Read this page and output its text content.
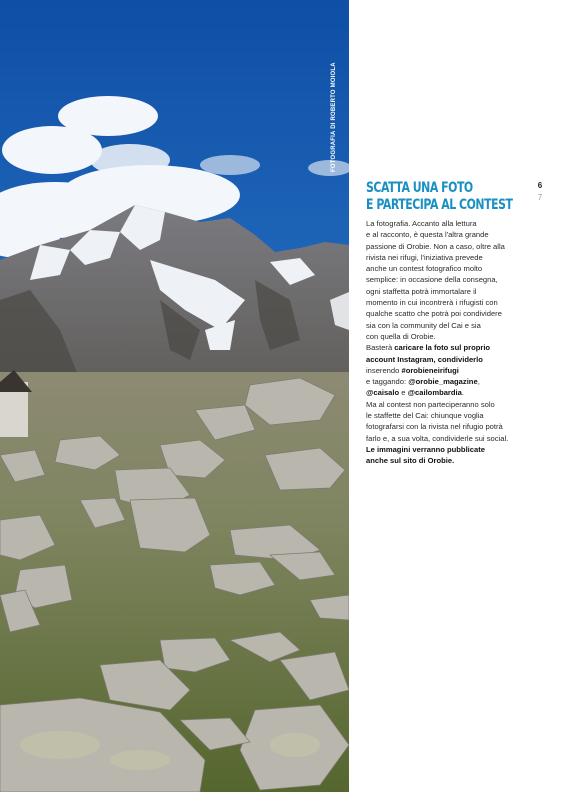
FOTOGRAFIA DI ROBERTO MOIOLA
SCATTA UNA FOTO
E PARTECIPA AL CONTEST
6
7
La fotografia. Accanto alla lettura
e al racconto, è questa l'altra grande
passione di Orobie. Non a caso, oltre alla
rivista nei rifugi, l'iniziativa prevede
anche un contest fotografico molto
semplice: in occasione della consegna,
ogni staffetta potrà immortalare il
momento in cui incontrerà i rifugisti con
qualche scatto che potrà poi condividere
sia con la community del Cai e sia
con quella di Orobie.
Basterà caricare la foto sul proprio
account Instagram, condividerlo
inserendo #orobieneirifugi
e taggando: @orobie_magazine,
@caisalo e @cailombardia.
Ma al contest non parteciperanno solo
le staffette del Cai: chiunque voglia
fotografarsi con la rivista nel rifugio potrà
farlo e, a sua volta, condividerle sui social.
Le immagini verranno pubblicate
anche sul sito di Orobie.
